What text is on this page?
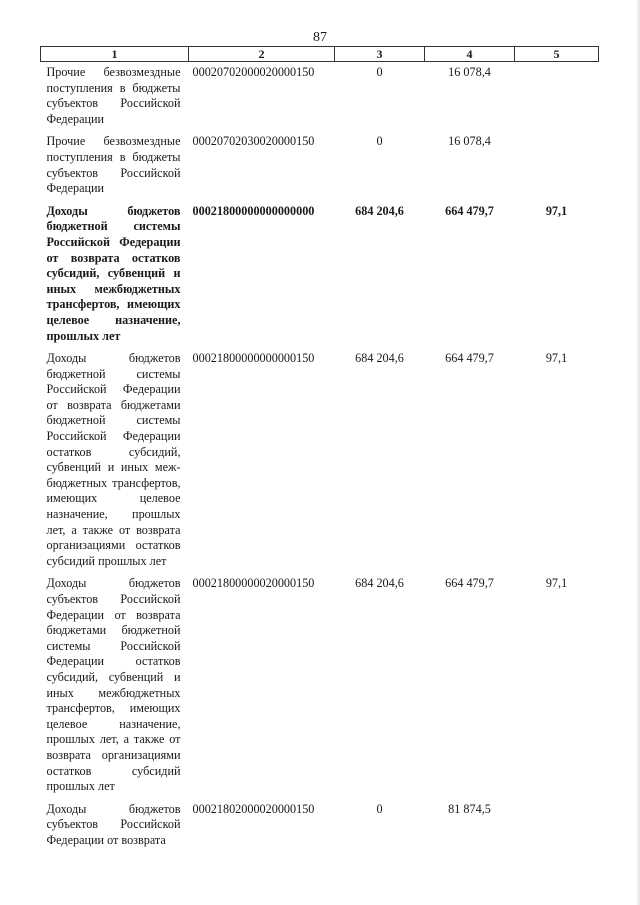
87
1	2	3	4	5
Прочие безвозмездные поступления в бюджеты субъектов Российской Федерации	00020702000020000150	0	16 078,4	
Прочие безвозмездные поступления в бюджеты субъектов Российской Федерации	00020702030020000150	0	16 078,4	
Доходы бюджетов бюджетной системы Российской Федерации от возврата остатков субсидий, субвенций и иных межбюджетных трансфертов, имеющих целевое назначение, прошлых лет	00021800000000000000	684 204,6	664 479,7	97,1
Доходы бюджетов бюджетной системы Российской Федерации от возврата бюджетами бюджетной системы Российской Федерации остатков субсидий, субвенций и иных межбюджетных трансфертов, имеющих целевое назначение, прошлых лет, а также от возврата организациями остатков субсидий прошлых лет	00021800000000000150	684 204,6	664 479,7	97,1
Доходы бюджетов субъектов Российской Федерации от возврата бюджетами бюджетной системы Российской Федерации остатков субсидий, субвенций и иных межбюджетных трансфертов, имеющих целевое назначение, прошлых лет, а также от возврата организациями остатков субсидий прошлых лет	00021800000020000150	684 204,6	664 479,7	97,1
Доходы бюджетов субъектов Российской Федерации от возврата	00021802000020000150	0	81 874,5	
